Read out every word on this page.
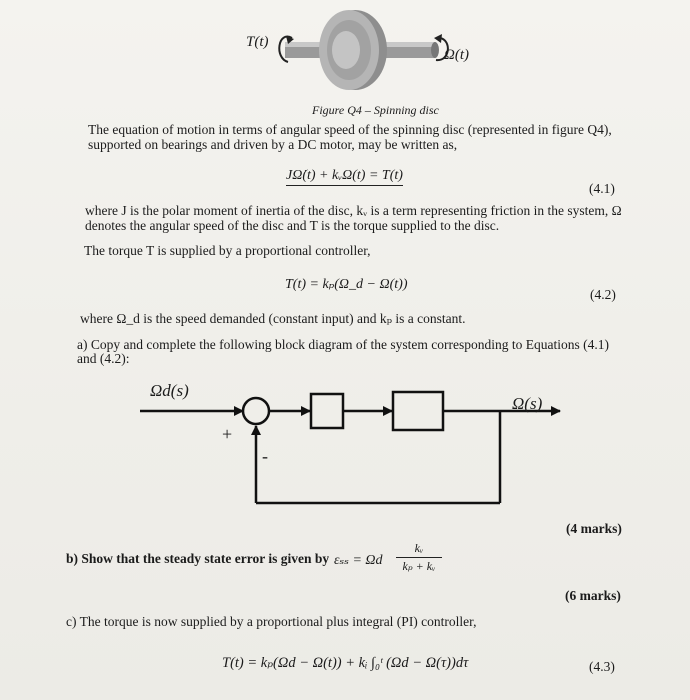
T(t)
Ω(t)
Figure Q4 – Spinning disc
The equation of motion in terms of angular speed of the spinning disc (represented in figure Q4),
supported on bearings and driven by a DC motor, may be written as,
JΩ̇(t) + kᵥΩ(t) = T(t)
(4.1)
where J is the polar moment of inertia of the disc, kᵥ is a term representing friction in the system, Ω
denotes the angular speed of the disc and T is the torque supplied to the disc.
The torque T is supplied by a proportional controller,
T(t) = kₚ(Ω_d − Ω(t))
(4.2)
where Ω_d is the speed demanded (constant input) and kₚ is a constant.
a) Copy and complete the following block diagram of the system corresponding to Equations (4.1)
and (4.2):
Ωd(s)
Ω(s)
+
-
(4 marks)
b) Show that the steady state error is given by εₛₛ = Ωd
kᵥ
kₚ + kᵥ
(6 marks)
c) The torque is now supplied by a proportional plus integral (PI) controller,
T(t) = kₚ(Ωd − Ω(t)) + kᵢ ∫₀ᵗ (Ωd − Ω(τ))dτ	(4.3)
